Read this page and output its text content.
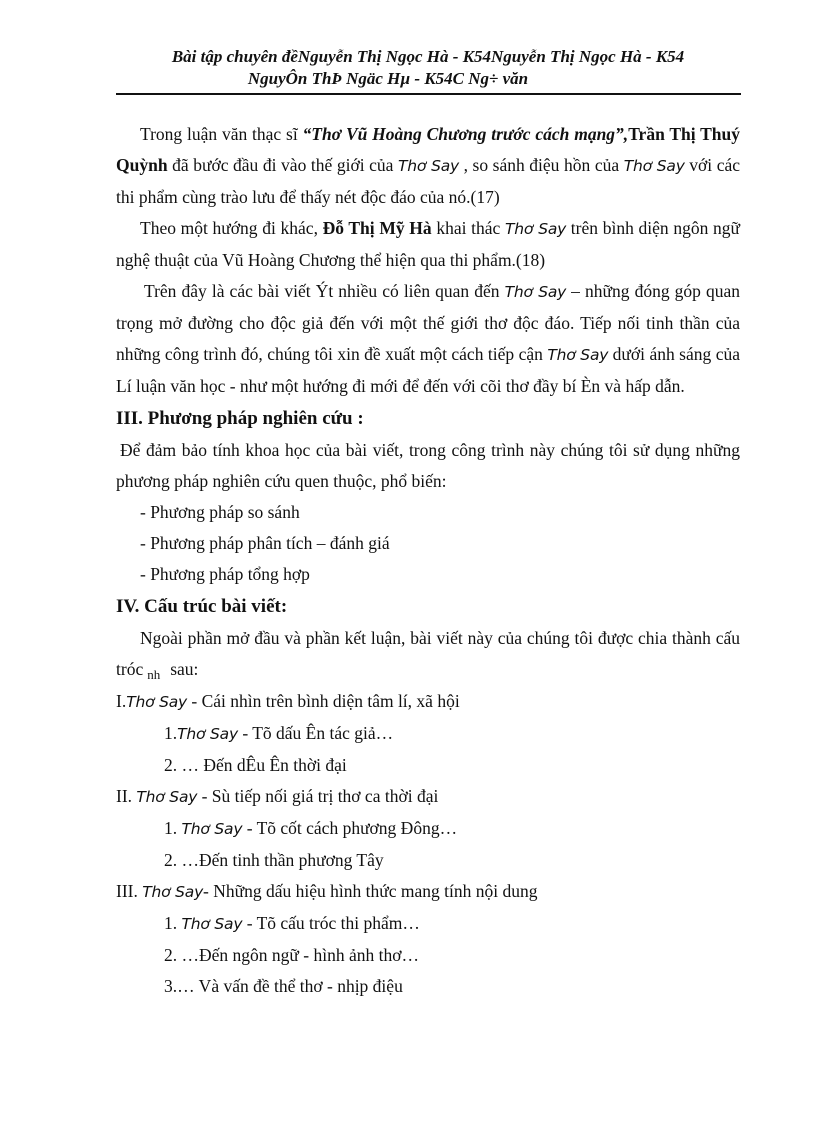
Bài tập chuyên đềNguyễn Thị Ngọc Hà - K54Nguyễn Thị Ngọc Hà - K54

NguyÔn ThÞ Ngäc Hµ - K54C Ng÷ văn

Trong luận văn thạc sĩ “Thơ Vũ Hoàng Chương trước cách mạng”,Trần Thị Thuý Quỳnh đã bước đầu đi vào thế giới của Thơ Say , so sánh điệu hồn của Thơ Say với các thi phẩm cùng trào lưu để thấy nét độc đáo của nó.(17)

Theo một hướng đi khác, Đỗ Thị Mỹ Hà khai thác Thơ Say trên bình diện ngôn ngữ nghệ thuật của Vũ Hoàng Chương thể hiện qua thi phẩm.(18)

Trên đây là các bài viết Ýt nhiều có liên quan đến Thơ Say – những đóng góp quan trọng mở đường cho độc giả đến với một thế giới thơ độc đáo. Tiếp nối tinh thần của những công trình đó, chúng tôi xin đề xuất một cách tiếp cận Thơ Say dưới ánh sáng của Lí luận văn học - như một hướng đi mới để đến với cõi thơ đầy bí Èn và hấp dẫn.

III. Phương pháp nghiên cứu :

Để đảm bảo tính khoa học của bài viết, trong công trình này chúng tôi sử dụng những phương pháp nghiên cứu quen thuộc, phổ biến:

- Phương pháp so sánh

- Phương pháp phân tích – đánh giá

- Phương pháp tổng hợp

IV. Cấu trúc bài viết:

Ngoài phần mở đầu và phần kết luận, bài viết này của chúng tôi được chia thành cấu tróc $_{nh}$ sau:

I.Thơ Say - Cái nhìn trên bình diện tâm lí, xã hội

1.Thơ Say - Tõ dấu Ên tác giả…

2. … Đến dÊu Ên thời đại

II. Thơ Say - Sù tiếp nối giá trị thơ ca thời đại

1. Thơ Say - Tõ cốt cách phương Đông…

2. …Đến tinh thần phương Tây

III. Thơ Say- Những dấu hiệu hình thức mang tính nội dung

1. Thơ Say - Tõ cấu tróc thi phẩm…

2. …Đến ngôn ngữ - hình ảnh thơ…

3.… Và vấn đề thể thơ - nhịp điệu
